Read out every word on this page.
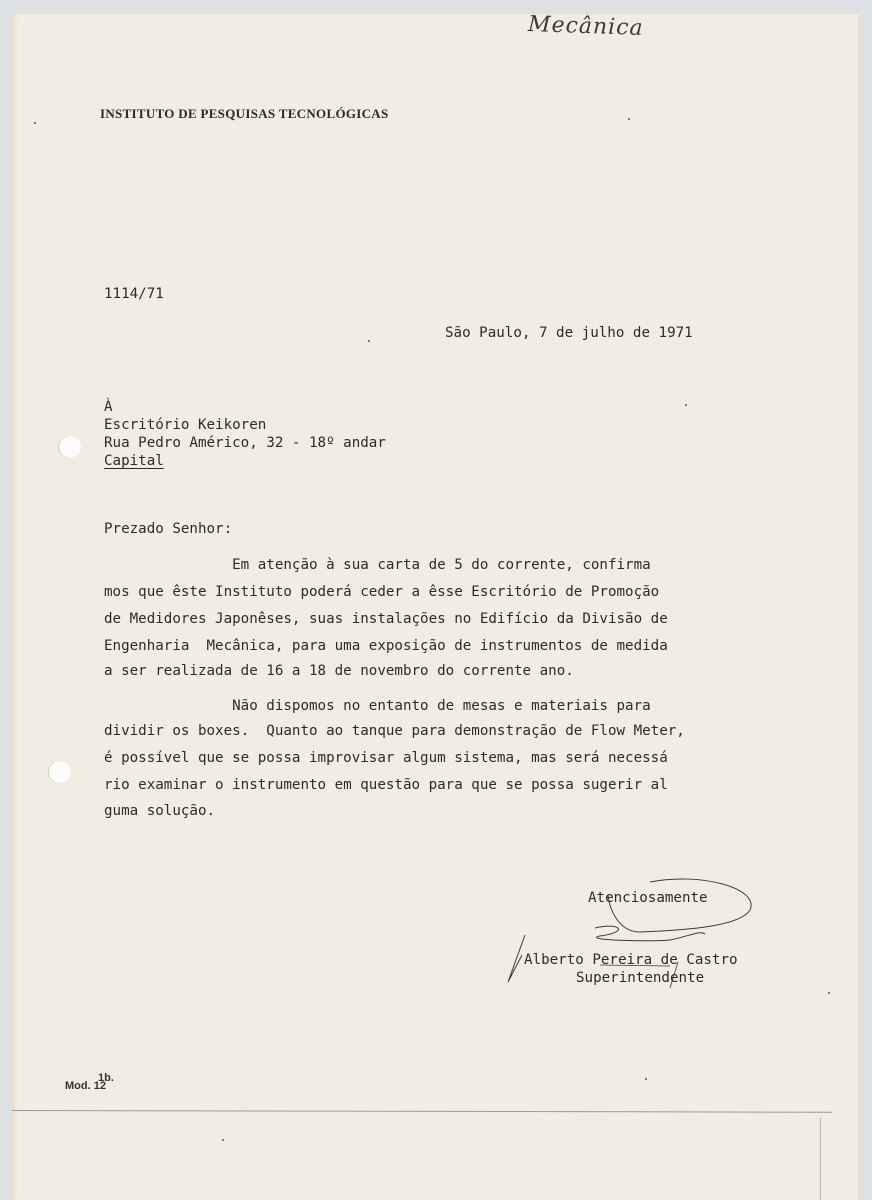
Mecânica
INSTITUTO DE PESQUISAS TECNOLÓGICAS
1114/71
São Paulo, 7 de julho de 1971
À
Escritório Keikoren
Rua Pedro Américo, 32 - 18º andar
Capital
Prezado Senhor:
Em atenção à sua carta de 5 do corrente, confirma
mos que êste Instituto poderá ceder a êsse Escritório de Promoção
de Medidores Japonêses, suas instalações no Edifício da Divisão de
Engenharia  Mecânica, para uma exposição de instrumentos de medida
a ser realizada de 16 a 18 de novembro do corrente ano.
Não dispomos no entanto de mesas e materiais para
dividir os boxes.  Quanto ao tanque para demonstração de Flow Meter,
é possível que se possa improvisar algum sistema, mas será necessá
rio examinar o instrumento em questão para que se possa sugerir al
guma solução.
Atenciosamente
Alberto Pereira de Castro
Superintendente
1b.
Mod. 12
